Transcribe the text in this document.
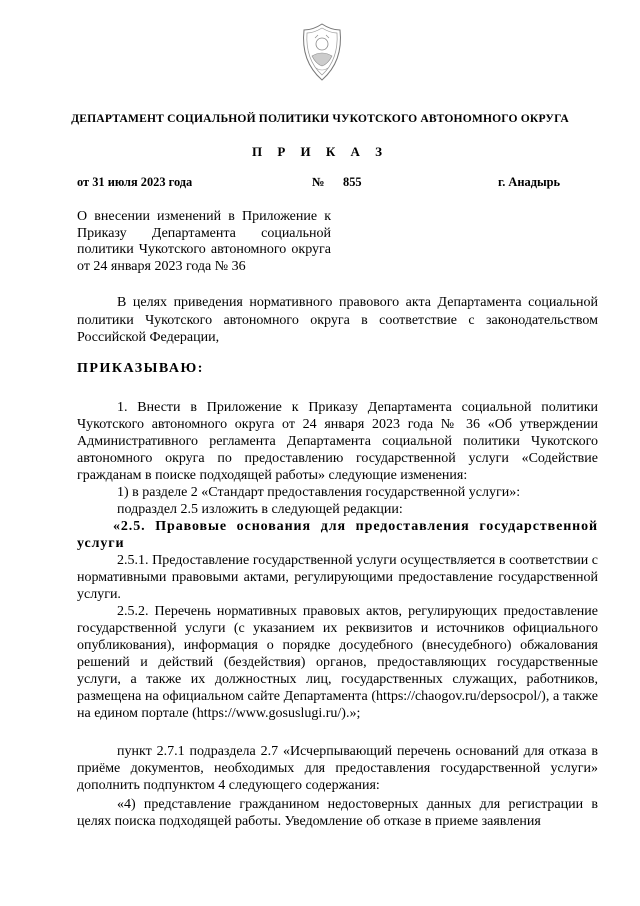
ДЕПАРТАМЕНТ СОЦИАЛЬНОЙ ПОЛИТИКИ ЧУКОТСКОГО АВТОНОМНОГО ОКРУГА
П Р И К А З
от 31 июля 2023 года	№ 855	г. Анадырь
О внесении изменений в Приложение к Приказу Департамента социальной политики Чукотского автономного округа от 24 января 2023 года № 36

В целях приведения нормативного правового акта Департамента социальной политики Чукотского автономного округа в соответствие с законодательством Российской Федерации,

ПРИКАЗЫВАЮ:

1. Внести в Приложение к Приказу Департамента социальной политики Чукотского автономного округа от 24 января 2023 года № 36 «Об утверждении Административного регламента Департамента социальной политики Чукотского автономного округа по предоставлению государственной услуги «Содействие гражданам в поиске подходящей работы» следующие изменения:

1) в разделе 2 «Стандарт предоставления государственной услуги»:

подраздел 2.5 изложить в следующей редакции:

«2.5. Правовые основания для предоставления государственной услуги

2.5.1. Предоставление государственной услуги осуществляется в соответствии с нормативными правовыми актами, регулирующими предоставление государственной услуги.

2.5.2. Перечень нормативных правовых актов, регулирующих предоставление государственной услуги (с указанием их реквизитов и источников официального опубликования), информация о порядке досудебного (внесудебного) обжалования решений и действий (бездействия) органов, предоставляющих государственные услуги, а также их должностных лиц, государственных служащих, работников, размещена на официальном сайте Департамента (https://chaogov.ru/depsocpol/), а также на едином портале (https://www.gosuslugi.ru/).»;

пункт 2.7.1 подраздела 2.7 «Исчерпывающий перечень оснований для отказа в приёме документов, необходимых для предоставления государственной услуги» дополнить подпунктом 4 следующего содержания:

«4) представление гражданином недостоверных данных для регистрации в целях поиска подходящей работы. Уведомление об отказе в приеме заявления
